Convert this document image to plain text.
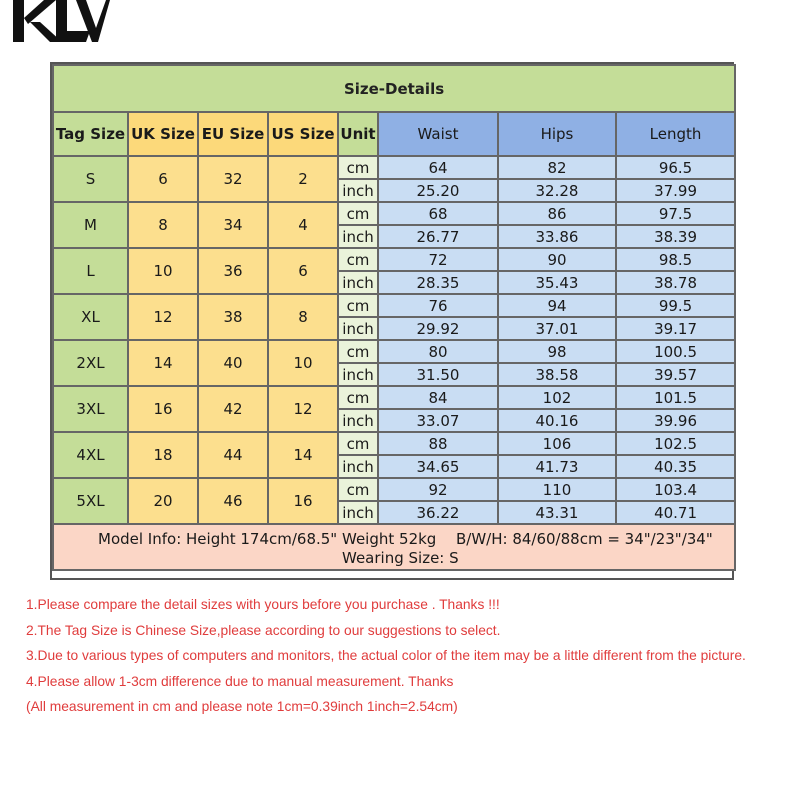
Size-Details							
Tag Size	UK Size	EU Size	US Size	Unit	Waist	Hips	Length
S	6	32	2	cm	64	82	96.5
				inch	25.20	32.28	37.99
M	8	34	4	cm	68	86	97.5
				inch	26.77	33.86	38.39
L	10	36	6	cm	72	90	98.5
				inch	28.35	35.43	38.78
XL	12	38	8	cm	76	94	99.5
				inch	29.92	37.01	39.17
2XL	14	40	10	cm	80	98	100.5
				inch	31.50	38.58	39.57
3XL	16	42	12	cm	84	102	101.5
				inch	33.07	40.16	39.96
4XL	18	44	14	cm	88	106	102.5
				inch	34.65	41.73	40.35
5XL	20	46	16	cm	92	110	103.4
				inch	36.22	43.31	40.71

Model Info: Height 174cm/68.5" Weight 52kg B/W/H: 84/60/88cm = 34"/23"/34"
Wearing Size: S							
1.Please compare the detail sizes with yours before you purchase . Thanks !!!
2.The Tag Size is Chinese Size,please according to our suggestions to select.
3.Due to various types of computers and monitors, the actual color of the item may be a little different from the picture.
4.Please allow 1-3cm difference due to manual measurement. Thanks
(All measurement in cm and please note 1cm=0.39inch 1inch=2.54cm)
